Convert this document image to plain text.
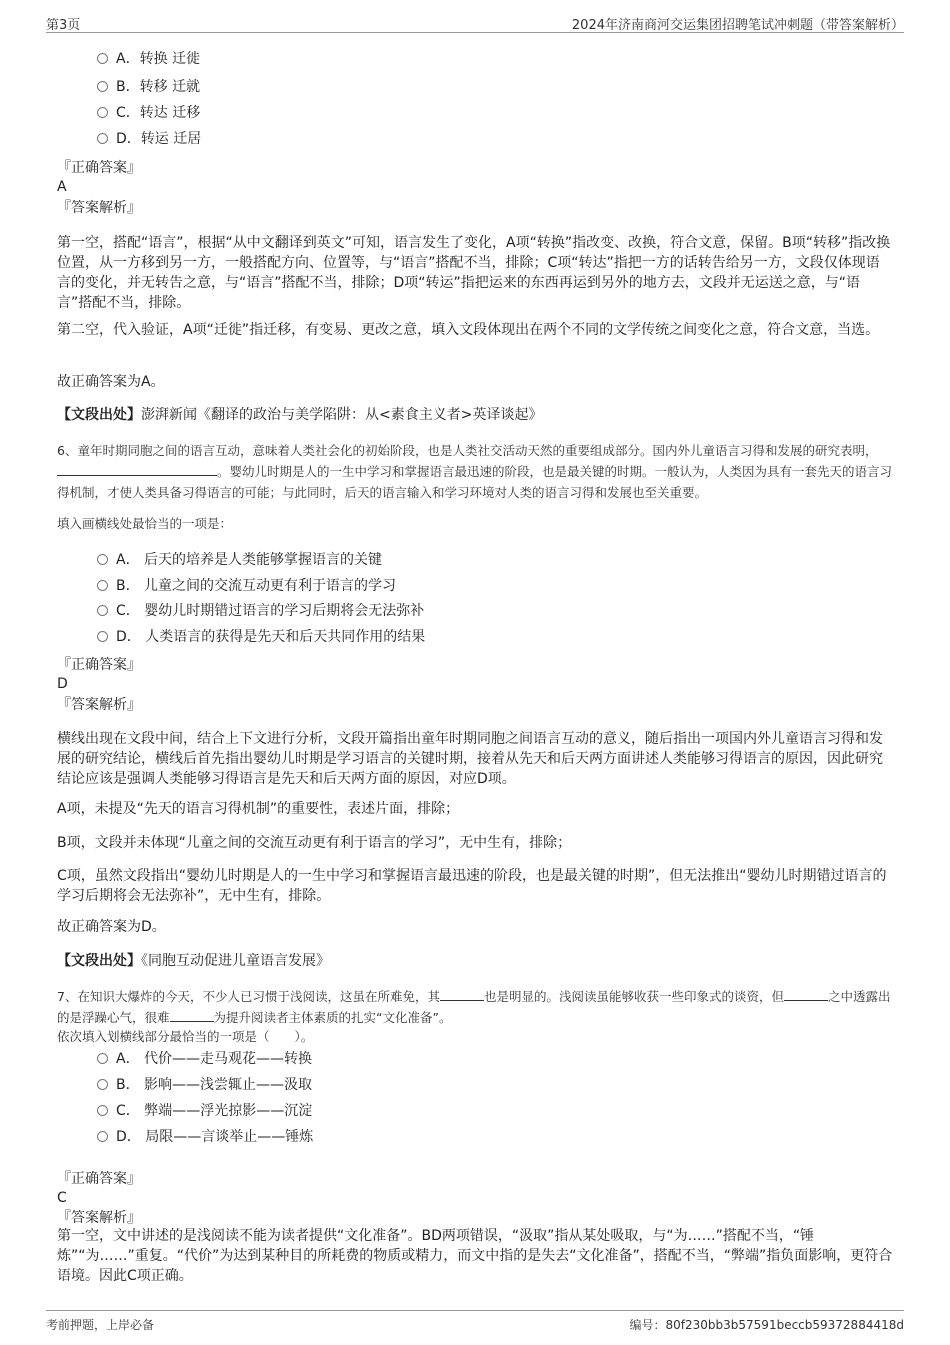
第3页	2024年济南商河交运集团招聘笔试冲刺题（带答案解析）
A．转换 迁徙
B．转移 迁就
C．转达 迁移
D．转运 迁居
『正确答案』
A
『答案解析』
第一空，搭配“语言”，根据“从中文翻译到英文”可知，语言发生了变化，A项“转换”指改变、改换，符合文意，保留。B项“转移”指改换位置，从一方移到另一方，一般搭配方向、位置等，与“语言”搭配不当，排除；C项“转达”指把一方的话转告给另一方，文段仅体现语言的变化，并无转告之意，与“语言”搭配不当，排除；D项“转运”指把运来的东西再运到另外的地方去，文段并无运送之意，与“语言”搭配不当，排除。
第二空，代入验证，A项“迁徙”指迁移，有变易、更改之意，填入文段体现出在两个不同的文学传统之间变化之意，符合文意，当选。
故正确答案为A。
【文段出处】澎湃新闻《翻译的政治与美学陷阱：从<素食主义者>英译谈起》
6、童年时期同胞之间的语言互动，意味着人类社会化的初始阶段，也是人类社交活动天然的重要组成部分。国内外儿童语言习得和发展的研究表明，。婴幼儿时期是人的一生中学习和掌握语言最迅速的阶段，也是最关键的时期。一般认为，人类因为具有一套先天的语言习得机制，才使人类具备习得语言的可能；与此同时，后天的语言输入和学习环境对人类的语言习得和发展也至关重要。
填入画横线处最恰当的一项是：
A． 后天的培养是人类能够掌握语言的关键
B． 儿童之间的交流互动更有利于语言的学习
C． 婴幼儿时期错过语言的学习后期将会无法弥补
D． 人类语言的获得是先天和后天共同作用的结果
『正确答案』
D
『答案解析』
横线出现在文段中间，结合上下文进行分析，文段开篇指出童年时期同胞之间语言互动的意义，随后指出一项国内外儿童语言习得和发展的研究结论，横线后首先指出婴幼儿时期是学习语言的关键时期，接着从先天和后天两方面讲述人类能够习得语言的原因，因此研究结论应该是强调人类能够习得语言是先天和后天两方面的原因，对应D项。
A项，未提及“先天的语言习得机制”的重要性，表述片面，排除；
B项，文段并未体现“儿童之间的交流互动更有利于语言的学习”，无中生有，排除；
C项，虽然文段指出“婴幼儿时期是人的一生中学习和掌握语言最迅速的阶段，也是最关键的时期”，但无法推出“婴幼儿时期错过语言的学习后期将会无法弥补”，无中生有，排除。
故正确答案为D。
【文段出处】《同胞互动促进儿童语言发展》
7、在知识大爆炸的今天，不少人已习惯于浅阅读，这虽在所难免，其	也是明显的。浅阅读虽能够收获一些印象式的谈资，但	之中透露出的是浮躁心气，很难	为提升阅读者主体素质的扎实“文化准备”。
依次填入划横线部分最恰当的一项是（　　）。
A． 代价——走马观花——转换
B． 影响——浅尝辄止——汲取
C． 弊端——浮光掠影——沉淀
D． 局限——言谈举止——锤炼
『正确答案』
C
『答案解析』
第一空，文中讲述的是浅阅读不能为读者提供“文化准备”。BD两项错误，“汲取”指从某处吸取，与“为……”搭配不当，“锤炼”“为……”重复。“代价”为达到某种目的所耗费的物质或精力，而文中指的是失去“文化准备”，搭配不当，“弊端”指负面影响，更符合语境。因此C项正确。
考前押题，上岸必备	编号：80f230bb3b57591beccb59372884418d
